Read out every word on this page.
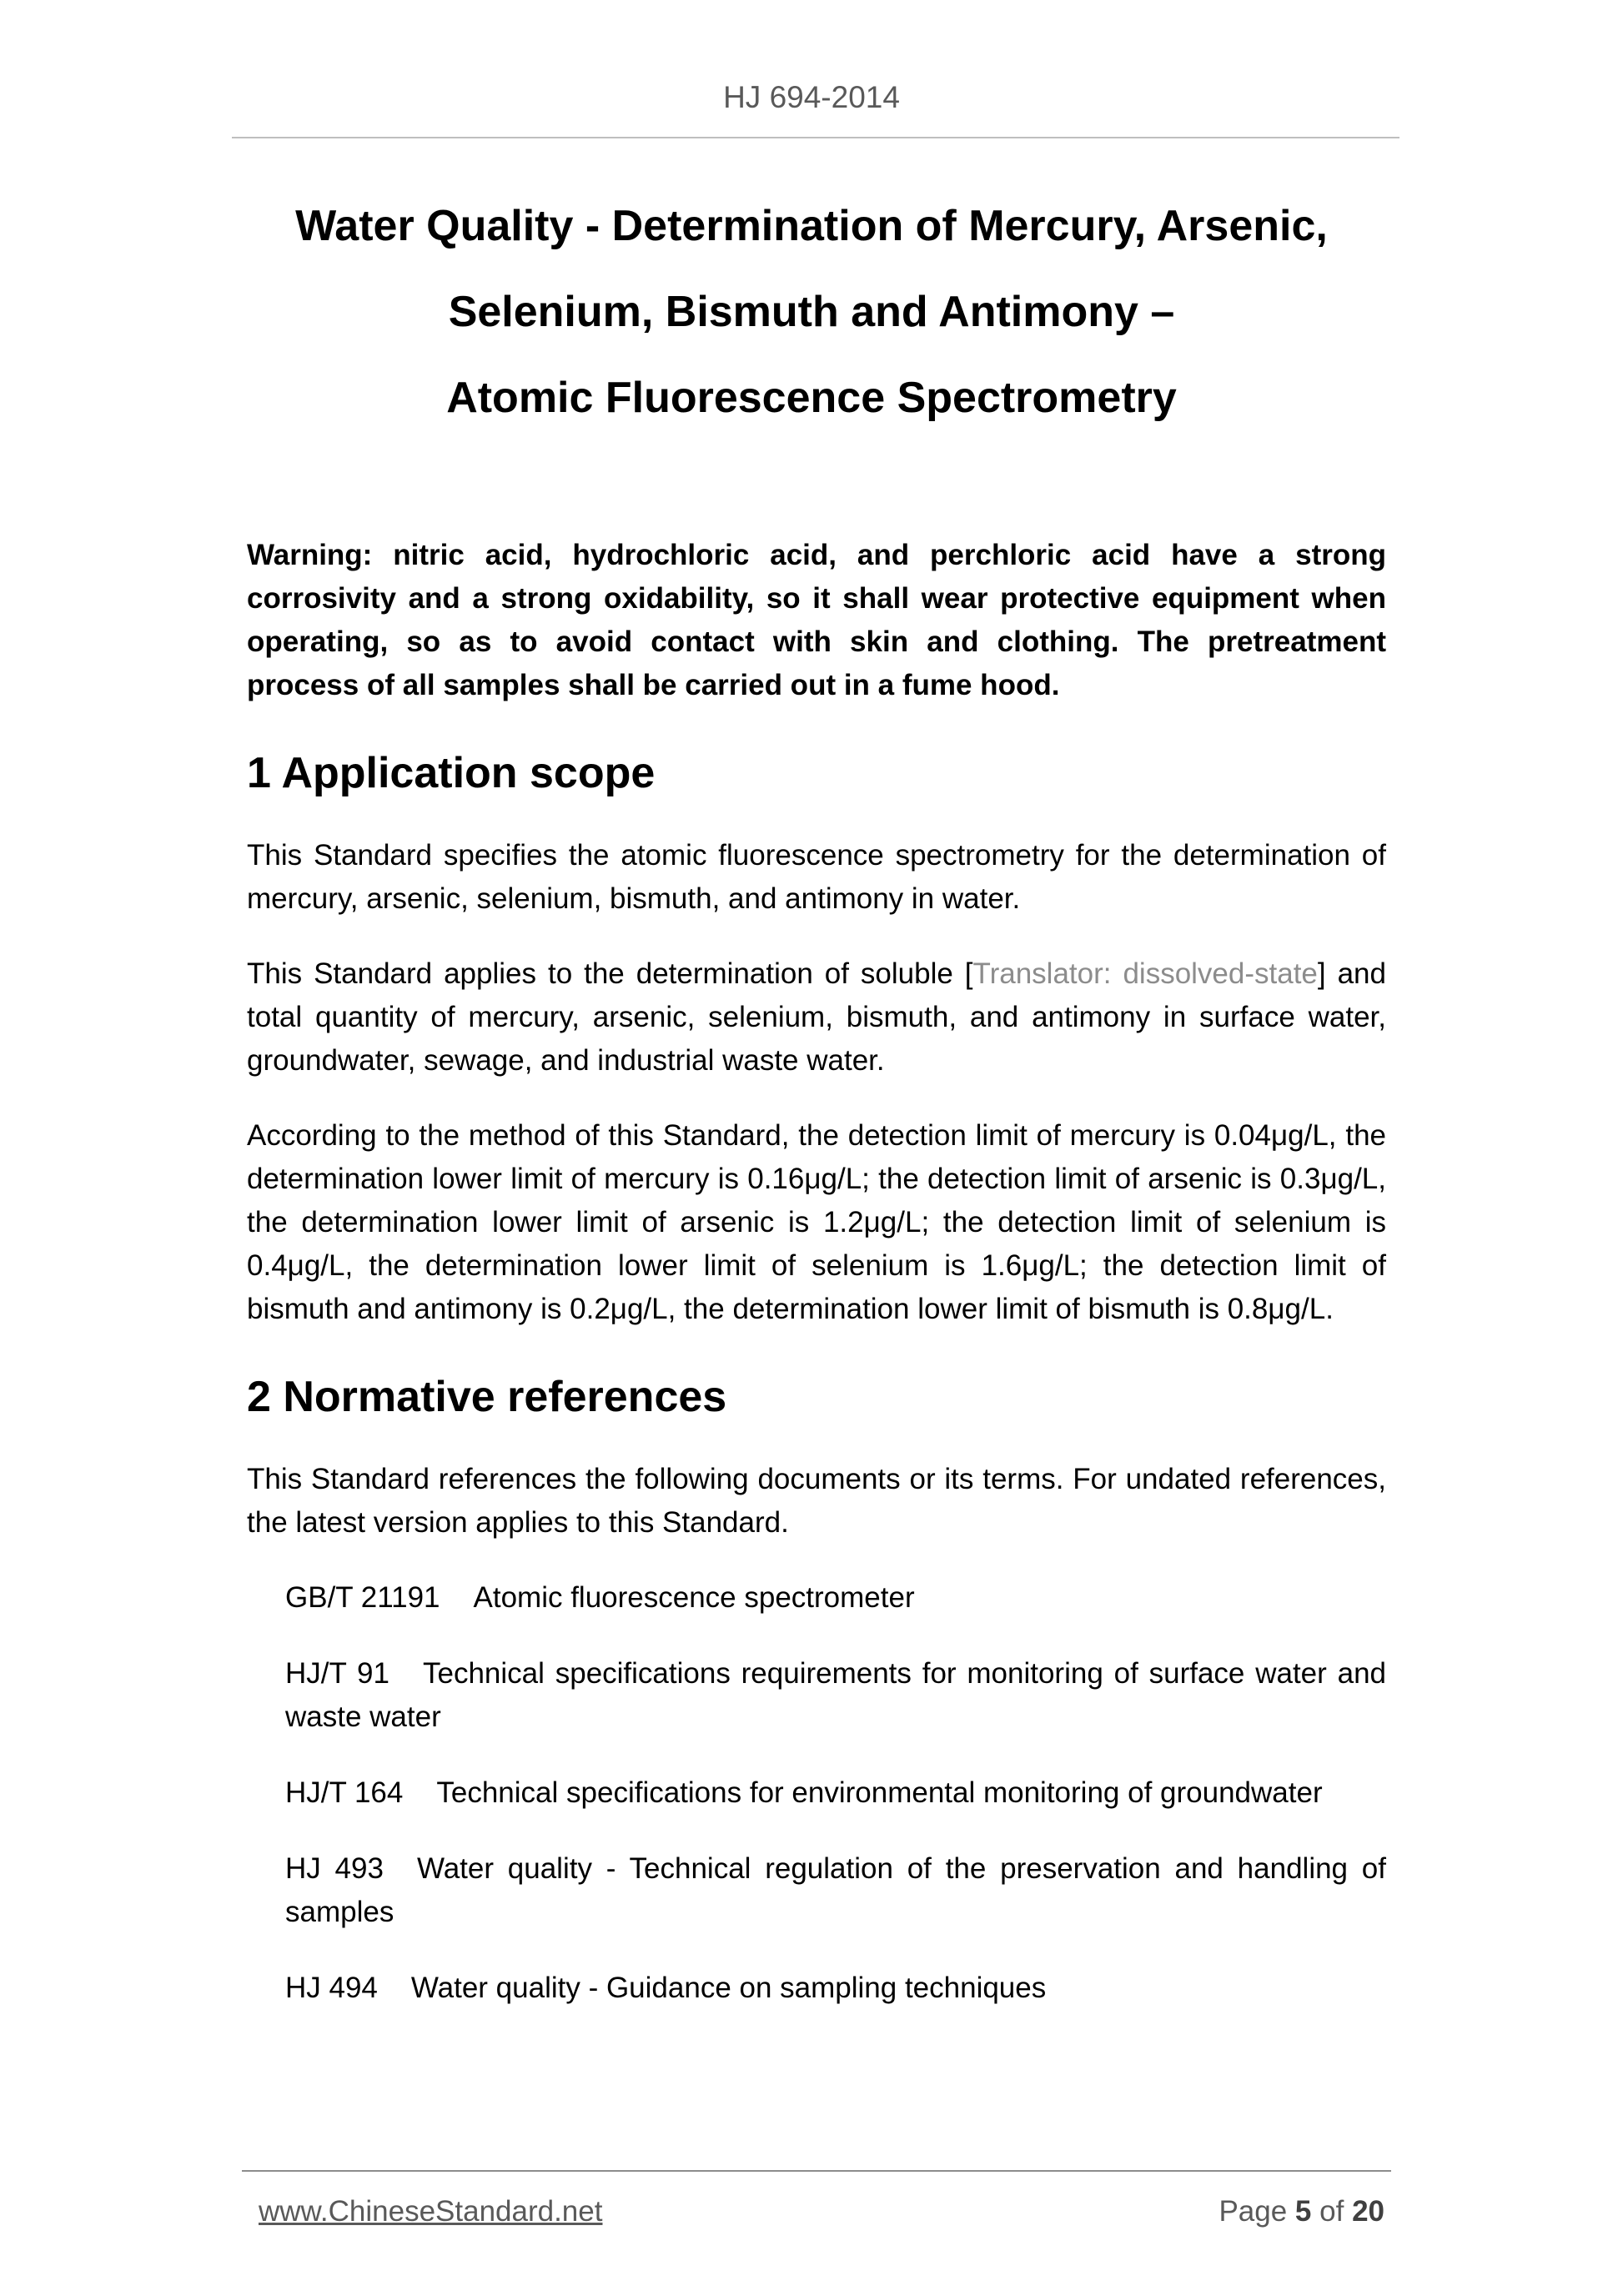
HJ 694-2014
Water Quality - Determination of Mercury, Arsenic,
Selenium, Bismuth and Antimony –
Atomic Fluorescence Spectrometry

Warning: nitric acid, hydrochloric acid, and perchloric acid have a strong corrosivity and a strong oxidability, so it shall wear protective equipment when operating, so as to avoid contact with skin and clothing. The pretreatment process of all samples shall be carried out in a fume hood.

1 Application scope

This Standard specifies the atomic fluorescence spectrometry for the determination of mercury, arsenic, selenium, bismuth, and antimony in water.

This Standard applies to the determination of soluble [Translator: dissolved-state] and total quantity of mercury, arsenic, selenium, bismuth, and antimony in surface water, groundwater, sewage, and industrial waste water.

According to the method of this Standard, the detection limit of mercury is 0.04μg/L, the determination lower limit of mercury is 0.16μg/L; the detection limit of arsenic is 0.3μg/L, the determination lower limit of arsenic is 1.2μg/L; the detection limit of selenium is 0.4μg/L, the determination lower limit of selenium is 1.6μg/L; the detection limit of bismuth and antimony is 0.2μg/L, the determination lower limit of bismuth is 0.8μg/L.

2 Normative references

This Standard references the following documents or its terms. For undated references, the latest version applies to this Standard.

GB/T 21191 Atomic fluorescence spectrometer
HJ/T 91 Technical specifications requirements for monitoring of surface water and waste water
HJ/T 164 Technical specifications for environmental monitoring of groundwater
HJ 493 Water quality - Technical regulation of the preservation and handling of samples
HJ 494 Water quality - Guidance on sampling techniques
www.ChineseStandard.net	Page 5 of 20
